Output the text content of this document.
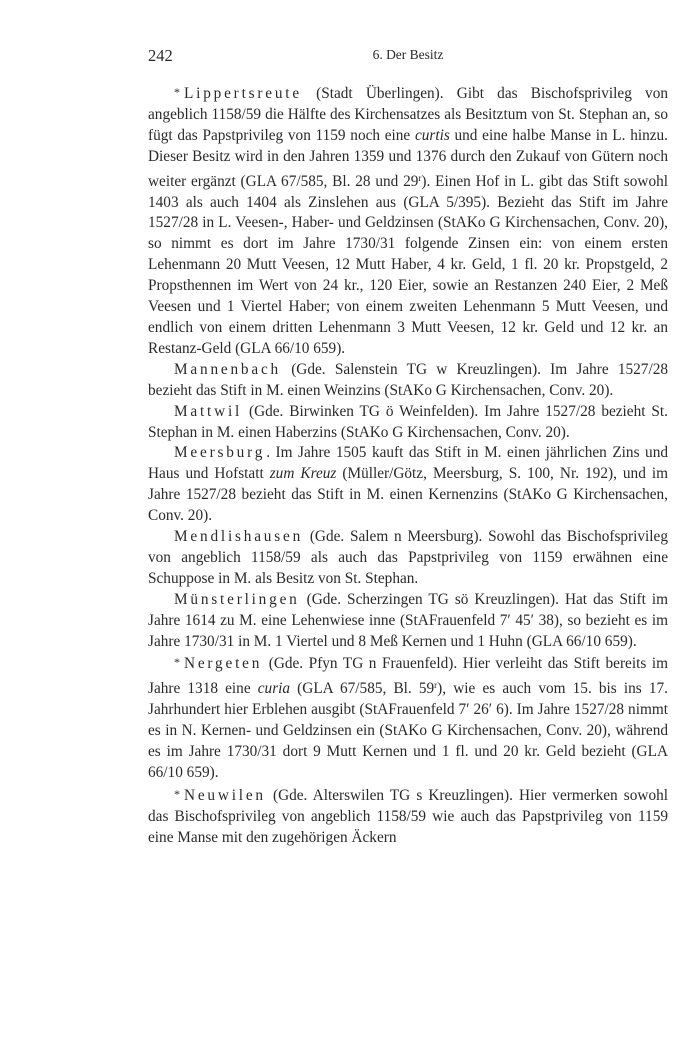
242	6. Der Besitz

* Lippertsreute (Stadt Überlingen). Gibt das Bischofsprivileg von angeblich 1158/59 die Hälfte des Kirchensatzes als Besitztum von St. Stephan an, so fügt das Papstprivileg von 1159 noch eine curtis und eine halbe Manse in L. hinzu. Dieser Besitz wird in den Jahren 1359 und 1376 durch den Zukauf von Gütern noch weiter ergänzt (GLA 67/585, Bl. 28 und 29$^r$). Einen Hof in L. gibt das Stift sowohl 1403 als auch 1404 als Zinslehen aus (GLA 5/395). Bezieht das Stift im Jahre 1527/28 in L. Veesen-, Haber- und Geldzinsen (StAKo G Kirchensachen, Conv. 20), so nimmt es dort im Jahre 1730/31 folgende Zinsen ein: von einem ersten Lehenmann 20 Mutt Veesen, 12 Mutt Haber, 4 kr. Geld, 1 fl. 20 kr. Propstgeld, 2 Propsthennen im Wert von 24 kr., 120 Eier, sowie an Restanzen 240 Eier, 2 Meß Veesen und 1 Viertel Haber; von einem zweiten Lehenmann 5 Mutt Veesen, und endlich von einem dritten Lehenmann 3 Mutt Veesen, 12 kr. Geld und 12 kr. an Restanz-Geld (GLA 66/10 659).

Mannenbach (Gde. Salenstein TG w Kreuzlingen). Im Jahre 1527/28 bezieht das Stift in M. einen Weinzins (StAKo G Kirchensachen, Conv. 20).

Mattwil (Gde. Birwinken TG ö Weinfelden). Im Jahre 1527/28 bezieht St. Stephan in M. einen Haberzins (StAKo G Kirchensachen, Conv. 20).

Meersburg. Im Jahre 1505 kauft das Stift in M. einen jährlichen Zins und Haus und Hofstatt zum Kreuz (Müller/Götz, Meersburg, S. 100, Nr. 192), und im Jahre 1527/28 bezieht das Stift in M. einen Kernenzins (StAKo G Kirchensachen, Conv. 20).

Mendlishausen (Gde. Salem n Meersburg). Sowohl das Bischofsprivileg von angeblich 1158/59 als auch das Papstprivileg von 1159 erwähnen eine Schuppose in M. als Besitz von St. Stephan.

Münsterlingen (Gde. Scherzingen TG sö Kreuzlingen). Hat das Stift im Jahre 1614 zu M. eine Lehenwiese inne (StAFrauenfeld 7′ 45′ 38), so bezieht es im Jahre 1730/31 in M. 1 Viertel und 8 Meß Kernen und 1 Huhn (GLA 66/10 659).

* Nergeten (Gde. Pfyn TG n Frauenfeld). Hier verleiht das Stift bereits im Jahre 1318 eine curia (GLA 67/585, Bl. 59$^r$), wie es auch vom 15. bis ins 17. Jahrhundert hier Erblehen ausgibt (StAFrauenfeld 7′ 26′ 6). Im Jahre 1527/28 nimmt es in N. Kernen- und Geldzinsen ein (StAKo G Kirchensachen, Conv. 20), während es im Jahre 1730/31 dort 9 Mutt Kernen und 1 fl. und 20 kr. Geld bezieht (GLA 66/10 659).

* Neuwilen (Gde. Alterswilen TG s Kreuzlingen). Hier vermerken sowohl das Bischofsprivileg von angeblich 1158/59 wie auch das Papstprivileg von 1159 eine Manse mit den zugehörigen Äckern
